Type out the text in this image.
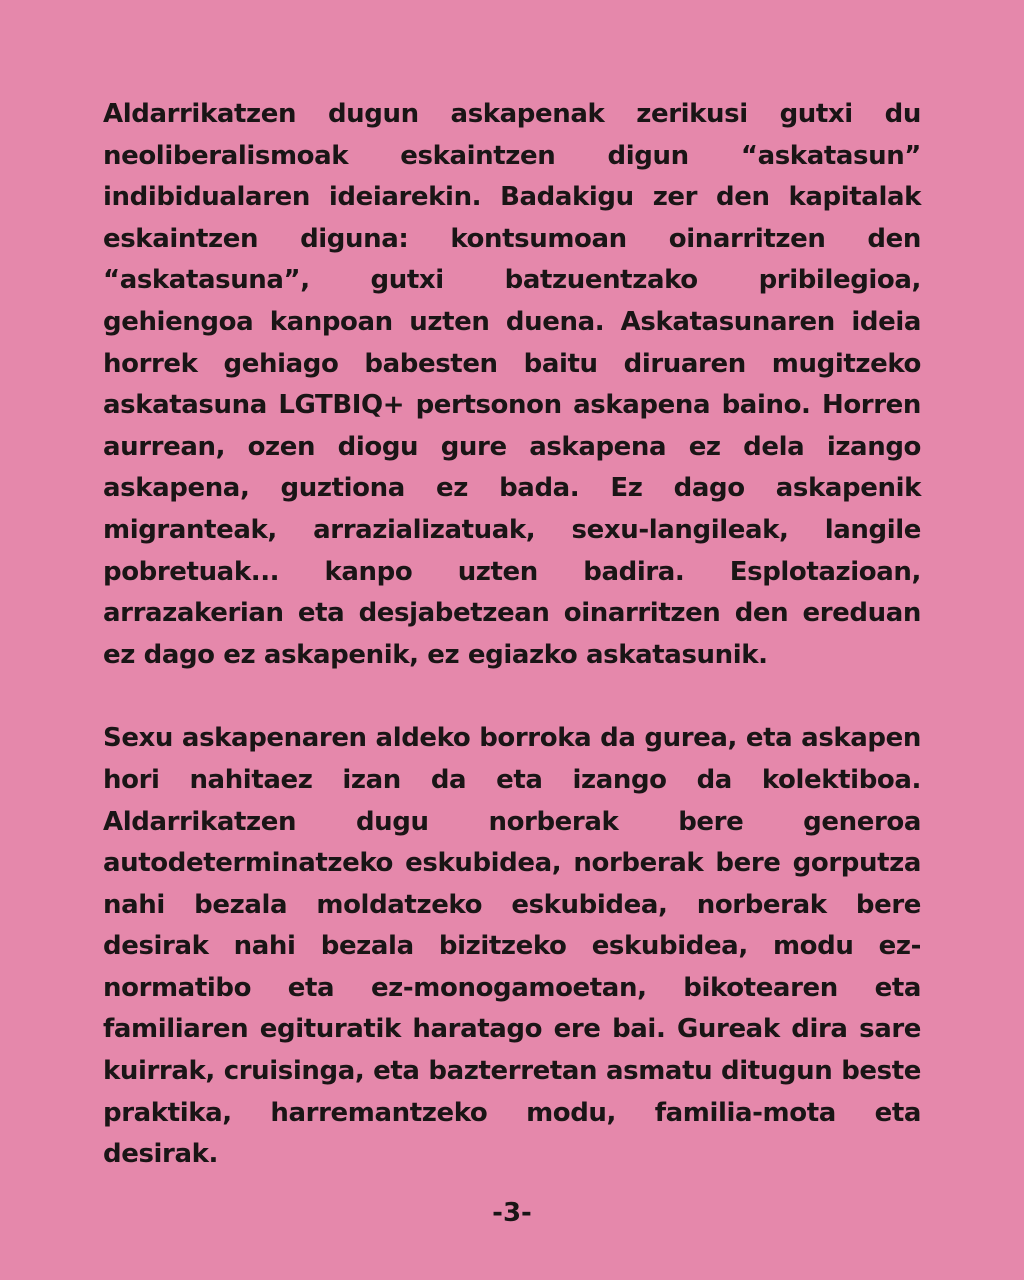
Aldarrikatzen dugun askapenak zerikusi gutxi du neoliberalismoak eskaintzen digun “askatasun” indibidualaren ideiarekin. Badakigu zer den kapitalak eskaintzen diguna: kontsumoan oinarritzen den “askatasuna”, gutxi batzuentzako pribilegioa, gehiengoa kanpoan uzten duena. Askatasunaren ideia horrek gehiago babesten baitu diruaren mugitzeko askatasuna LGTBIQ+ pertsonon askapena baino. Horren aurrean, ozen diogu gure askapena ez dela izango askapena, guztiona ez bada. Ez dago askapenik migranteak, arrazializatuak, sexu-langileak, langile pobretuak... kanpo uzten badira. Esplotazioan, arrazakerian eta desjabetzean oinarritzen den ereduan ez dago ez askapenik, ez egiazko askatasunik.

Sexu askapenaren aldeko borroka da gurea, eta askapen hori nahitaez izan da eta izango da kolektiboa. Aldarrikatzen dugu norberak bere generoa autodeterminatzeko eskubidea, norberak bere gorputza nahi bezala moldatzeko eskubidea, norberak bere desirak nahi bezala bizitzeko eskubidea, modu ez-normatibo eta ez-monogamoetan, bikotearen eta familiaren egituratik haratago ere bai. Gureak dira sare kuirrak, cruisinga, eta bazterretan asmatu ditugun beste praktika, harremantzeko modu, familia-mota eta desirak.

-3-
